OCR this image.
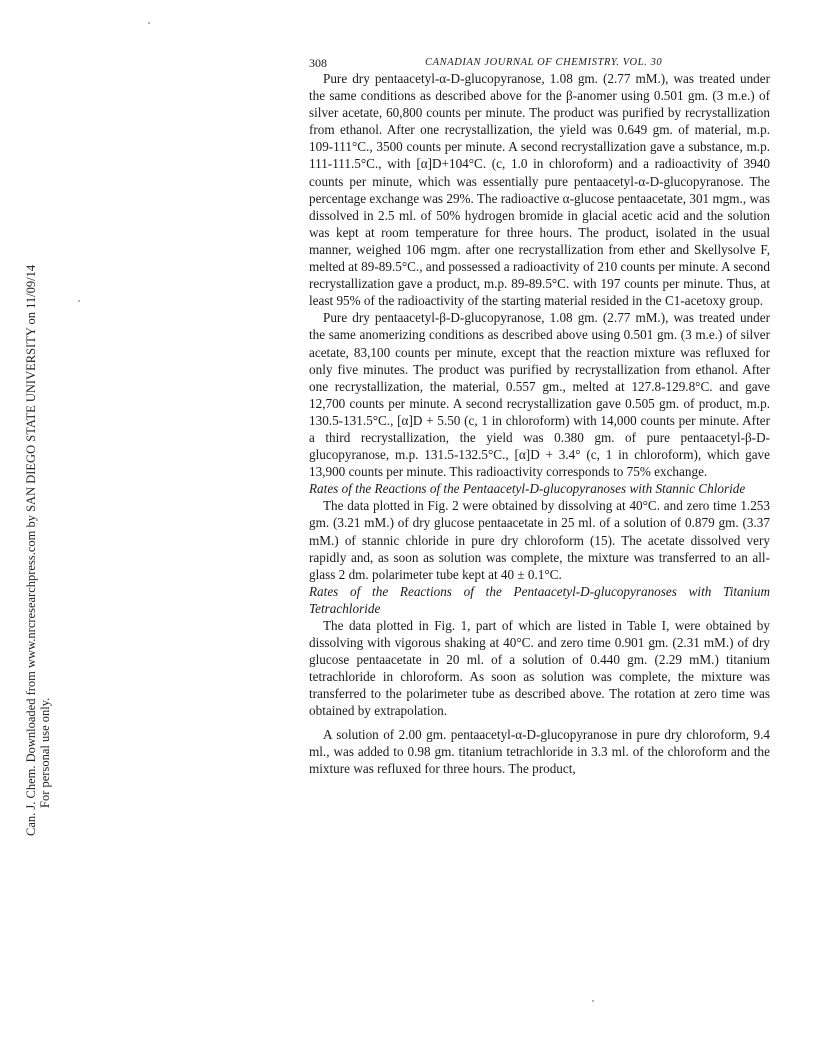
Can. J. Chem. Downloaded from www.nrcresearchpress.com by SAN DIEGO STATE UNIVERSITY on 11/09/14 For personal use only.
308	CANADIAN JOURNAL OF CHEMISTRY. VOL. 30

Pure dry pentaacetyl-α-D-glucopyranose, 1.08 gm. (2.77 mM.), was treated under the same conditions as described above for the β-anomer using 0.501 gm. (3 m.e.) of silver acetate, 60,800 counts per minute. The product was purified by recrystallization from ethanol. After one recrystallization, the yield was 0.649 gm. of material, m.p. 109-111°C., 3500 counts per minute. A second recrystallization gave a substance, m.p. 111-111.5°C., with [α]D+104°C. (c, 1.0 in chloroform) and a radioactivity of 3940 counts per minute, which was essentially pure pentaacetyl-α-D-glucopyranose. The percentage exchange was 29%. The radioactive α-glucose pentaacetate, 301 mgm., was dissolved in 2.5 ml. of 50% hydrogen bromide in glacial acetic acid and the solution was kept at room temperature for three hours. The product, isolated in the usual manner, weighed 106 mgm. after one recrystallization from ether and Skellysolve F, melted at 89-89.5°C., and possessed a radioactivity of 210 counts per minute. A second recrystallization gave a product, m.p. 89-89.5°C. with 197 counts per minute. Thus, at least 95% of the radioactivity of the starting material resided in the C1-acetoxy group.

Pure dry pentaacetyl-β-D-glucopyranose, 1.08 gm. (2.77 mM.), was treated under the same anomerizing conditions as described above using 0.501 gm. (3 m.e.) of silver acetate, 83,100 counts per minute, except that the reaction mixture was refluxed for only five minutes. The product was purified by recrystallization from ethanol. After one recrystallization, the material, 0.557 gm., melted at 127.8-129.8°C. and gave 12,700 counts per minute. A second recrystallization gave 0.505 gm. of product, m.p. 130.5-131.5°C., [α]D + 5.50 (c, 1 in chloroform) with 14,000 counts per minute. After a third recrystallization, the yield was 0.380 gm. of pure pentaacetyl-β-D-glucopyranose, m.p. 131.5-132.5°C., [α]D + 3.4° (c, 1 in chloroform), which gave 13,900 counts per minute. This radioactivity corresponds to 75% exchange.

Rates of the Reactions of the Pentaacetyl-D-glucopyranoses with Stannic Chloride

The data plotted in Fig. 2 were obtained by dissolving at 40°C. and zero time 1.253 gm. (3.21 mM.) of dry glucose pentaacetate in 25 ml. of a solution of 0.879 gm. (3.37 mM.) of stannic chloride in pure dry chloroform (15). The acetate dissolved very rapidly and, as soon as solution was complete, the mixture was transferred to an all-glass 2 dm. polarimeter tube kept at 40 ± 0.1°C.

Rates of the Reactions of the Pentaacetyl-D-glucopyranoses with Titanium Tetrachloride

The data plotted in Fig. 1, part of which are listed in Table I, were obtained by dissolving with vigorous shaking at 40°C. and zero time 0.901 gm. (2.31 mM.) of dry glucose pentaacetate in 20 ml. of a solution of 0.440 gm. (2.29 mM.) titanium tetrachloride in chloroform. As soon as solution was complete, the mixture was transferred to the polarimeter tube as described above. The rotation at zero time was obtained by extrapolation.

A solution of 2.00 gm. pentaacetyl-α-D-glucopyranose in pure dry chloroform, 9.4 ml., was added to 0.98 gm. titanium tetrachloride in 3.3 ml. of the chloroform and the mixture was refluxed for three hours. The product,
